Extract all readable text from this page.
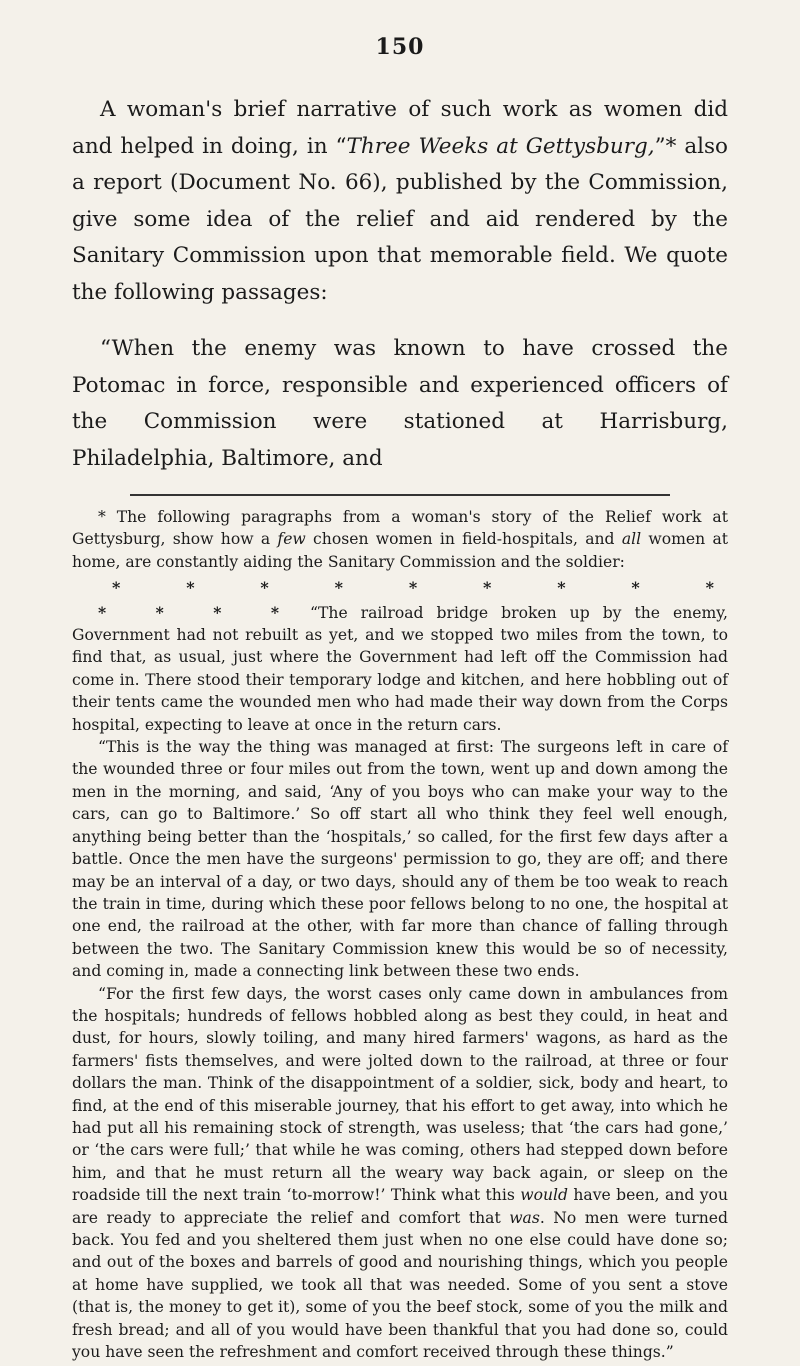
150

A woman's brief narrative of such work as women did and helped in doing, in “Three Weeks at Gettysburg,”* also a report (Document No. 66), published by the Commission, give some idea of the relief and aid rendered by the Sanitary Commission upon that memorable field. We quote the following passages:

“When the enemy was known to have crossed the Potomac in force, responsible and experienced officers of the Commission were stationed at Harrisburg, Philadelphia, Baltimore, and

* The following paragraphs from a woman's story of the Relief work at Gettysburg, show how a few chosen women in field-hospitals, and all women at home, are constantly aiding the Sanitary Commission and the soldier:

*	*	*	*	*	*	*	*	*

* * * * “The railroad bridge broken up by the enemy, Government had not rebuilt as yet, and we stopped two miles from the town, to find that, as usual, just where the Government had left off the Commission had come in. There stood their temporary lodge and kitchen, and here hobbling out of their tents came the wounded men who had made their way down from the Corps hospital, expecting to leave at once in the return cars.

“This is the way the thing was managed at first: The surgeons left in care of the wounded three or four miles out from the town, went up and down among the men in the morning, and said, ‘Any of you boys who can make your way to the cars, can go to Baltimore.’ So off start all who think they feel well enough, anything being better than the ‘hospitals,’ so called, for the first few days after a battle. Once the men have the surgeons' permission to go, they are off; and there may be an interval of a day, or two days, should any of them be too weak to reach the train in time, during which these poor fellows belong to no one, the hospital at one end, the railroad at the other, with far more than chance of falling through between the two. The Sanitary Commission knew this would be so of necessity, and coming in, made a connecting link between these two ends.

“For the first few days, the worst cases only came down in ambulances from the hospitals; hundreds of fellows hobbled along as best they could, in heat and dust, for hours, slowly toiling, and many hired farmers' wagons, as hard as the farmers' fists themselves, and were jolted down to the railroad, at three or four dollars the man. Think of the disappointment of a soldier, sick, body and heart, to find, at the end of this miserable journey, that his effort to get away, into which he had put all his remaining stock of strength, was useless; that ‘the cars had gone,’ or ‘the cars were full;’ that while he was coming, others had stepped down before him, and that he must return all the weary way back again, or sleep on the roadside till the next train ‘to-morrow!’ Think what this would have been, and you are ready to appreciate the relief and comfort that was. No men were turned back. You fed and you sheltered them just when no one else could have done so; and out of the boxes and barrels of good and nourishing things, which you people at home have supplied, we took all that was needed. Some of you sent a stove (that is, the money to get it), some of you the beef stock, some of you the milk and fresh bread; and all of you would have been thankful that you had done so, could you have seen the refreshment and comfort received through these things.”
